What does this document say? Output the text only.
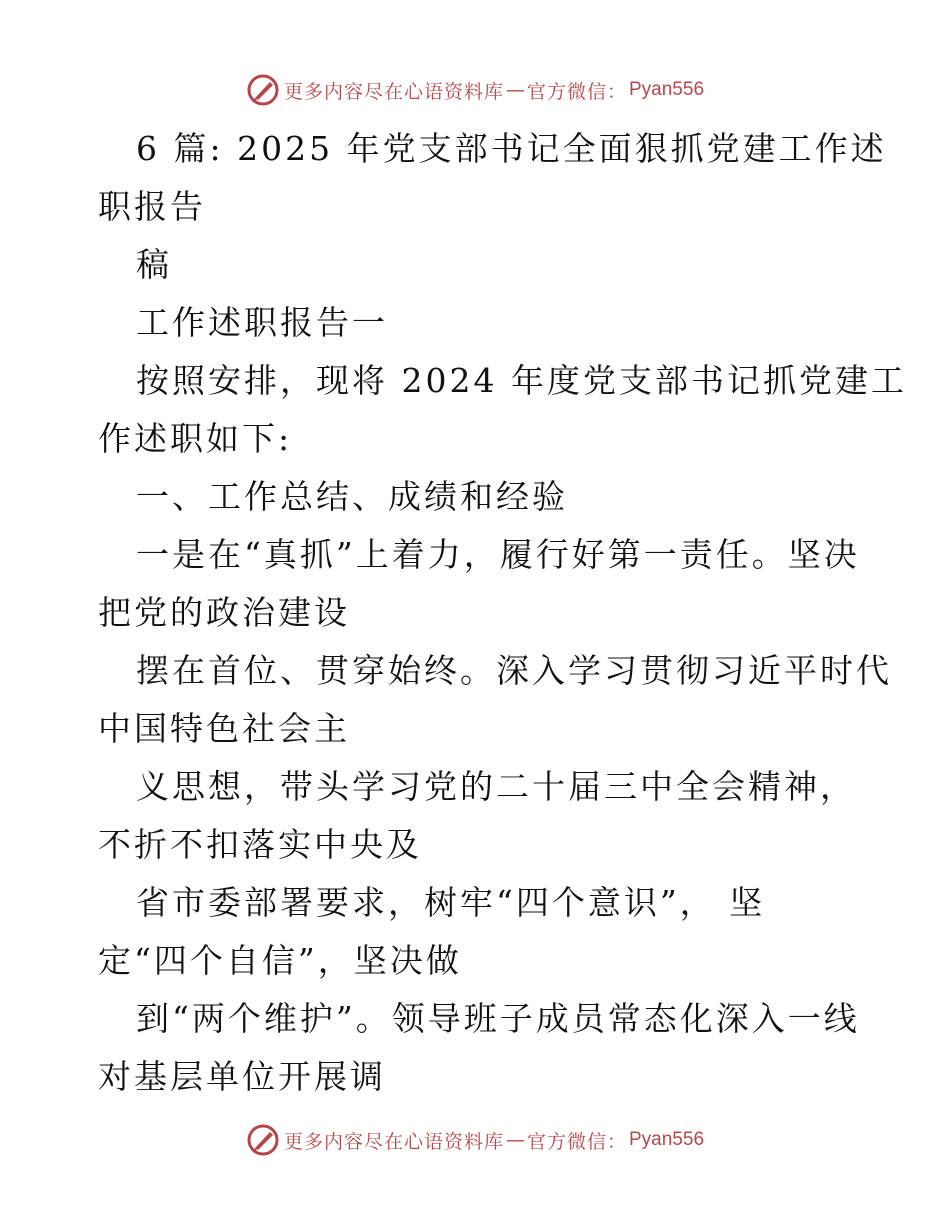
更多内容尽在心语资料库 — 官方微信： Pyan556

6 篇: 2025 年党支部书记全面狠抓党建工作述

职报告

稿

工作述职报告一

按照安排，现将 2024 年度党支部书记抓党建工

作述职如下:

一、工作总结、成绩和经验

一是在“真抓”上着力，履行好第一责任。坚决

把党的政治建设

摆在首位、贯穿始终。深入学习贯彻习近平时代

中国特色社会主

义思想，带头学习党的二十届三中全会精神，

不折不扣落实中央及

省市委部署要求，树牢“四个意识”， 坚

定“四个自信”，坚决做

到“两个维护”。领导班子成员常态化深入一线

对基层单位开展调

更多内容尽在心语资料库 — 官方微信： Pyan556
